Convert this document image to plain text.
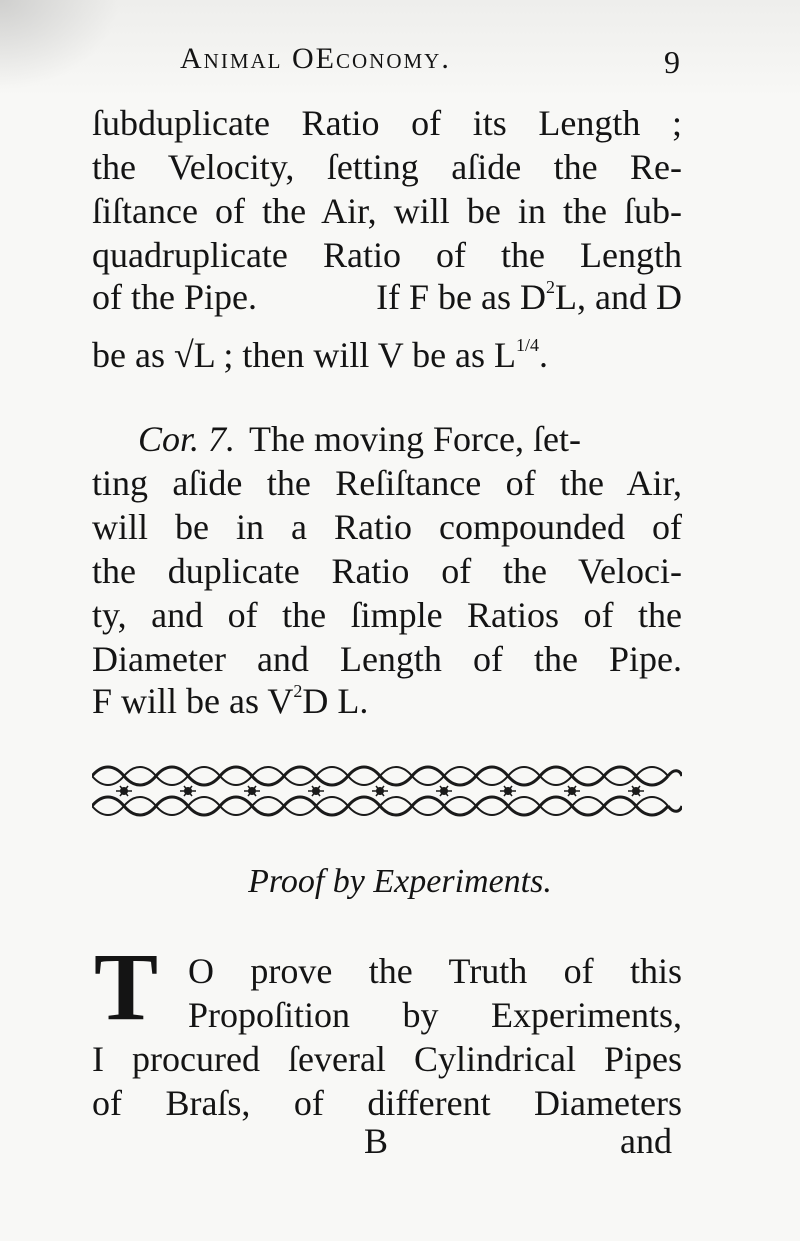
Animal OEconomy.	9
ſubduplicate Ratio of its Length ;
the Velocity, ſetting aſide the Re-
ſiſtance of the Air, will be in the ſub-
quadruplicate Ratio of the Length
of the Pipe.	If F be as $D^2L$, and D
be as √L ; then will V be as $L^{1/4}$.
Cor. 7. The moving Force, ſet-
ting aſide the Reſiſtance of the Air,
will be in a Ratio compounded of
the duplicate Ratio of the Veloci-
ty, and of the ſimple Ratios of the
Diameter and Length of the Pipe.
F will be as $V^2D$ L.
Proof by Experiments.
T O prove the Truth of this
Propoſition by Experiments,
I procured ſeveral Cylindrical Pipes
of Braſs, of different Diameters
B	and
